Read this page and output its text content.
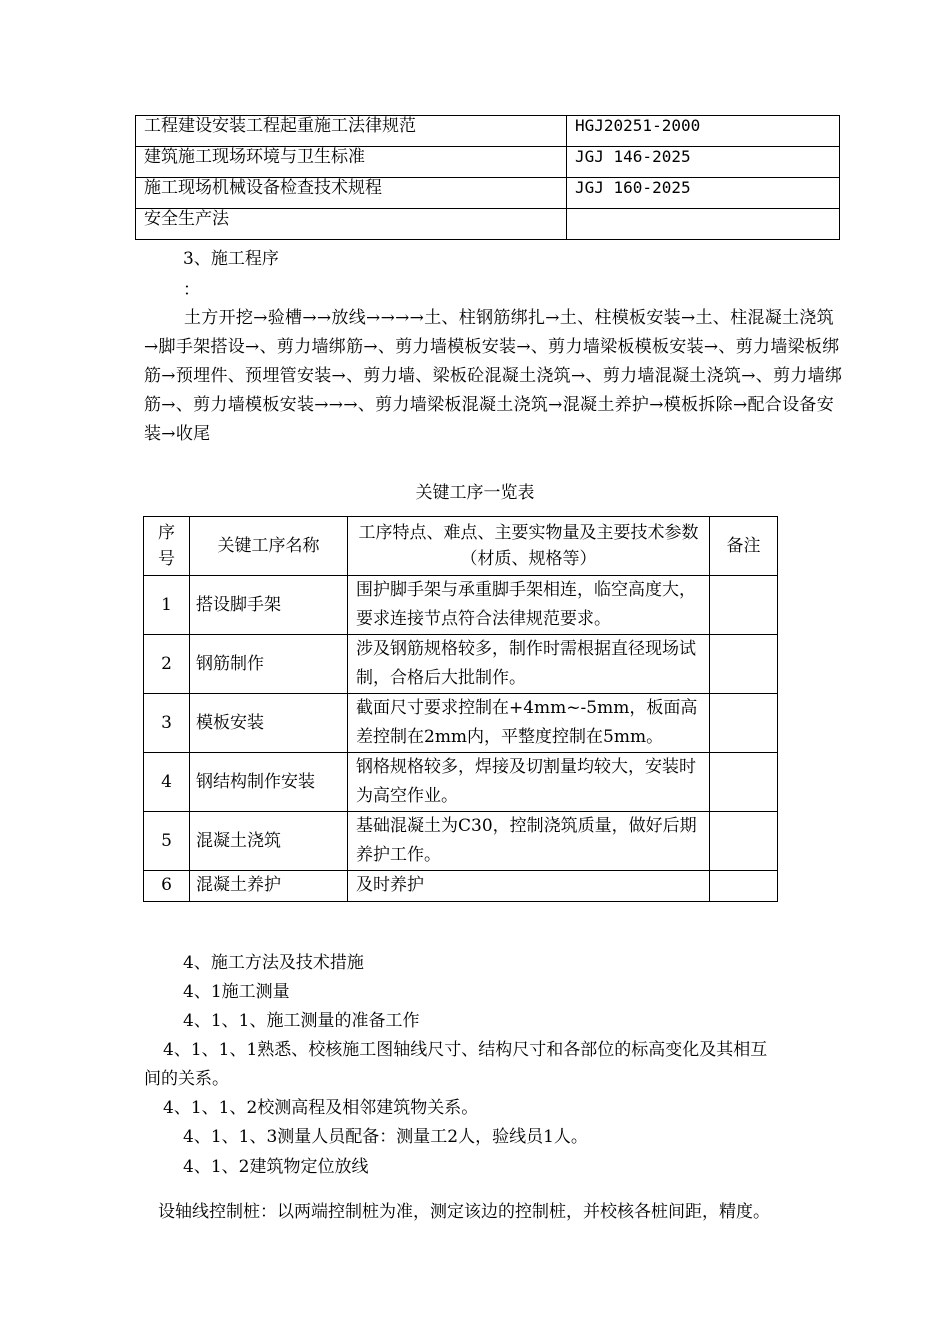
工程建设安装工程起重施工法律规范	HGJ20251-2000
建筑施工现场环境与卫生标准	JGJ 146-2025
施工现场机械设备检查技术规程	JGJ 160-2025
安全生产法	
3、施工程序
：
土方开挖→验槽→→放线→→→→土、柱钢筋绑扎→土、柱模板安装→土、柱混凝土浇筑→脚手架搭设→、剪力墙绑筋→、剪力墙模板安装→、剪力墙梁板模板安装→、剪力墙梁板绑筋→预埋件、预埋管安装→、剪力墙、梁板砼混凝土浇筑→、剪力墙混凝土浇筑→、剪力墙绑筋→、剪力墙模板安装→→→、剪力墙梁板混凝土浇筑→混凝土养护→模板拆除→配合设备安装→收尾
关键工序一览表
序号	关键工序名称	工序特点、难点、主要实物量及主要技术参数（材质、规格等）	备注
1	搭设脚手架	围护脚手架与承重脚手架相连，临空高度大，要求连接节点符合法律规范要求。	
2	钢筋制作	涉及钢筋规格较多，制作时需根据直径现场试制，合格后大批制作。	
3	模板安装	截面尺寸要求控制在+4mm~-5mm，板面高差控制在2mm内，平整度控制在5mm。	
4	钢结构制作安装	钢格规格较多，焊接及切割量均较大，安装时为高空作业。	
5	混凝土浇筑	基础混凝土为C30，控制浇筑质量，做好后期养护工作。	
6	混凝土养护	及时养护	
4、施工方法及技术措施
4、1施工测量
4、1、1、施工测量的准备工作
4、1、1、1熟悉、校核施工图轴线尺寸、结构尺寸和各部位的标高变化及其相互
间的关系。
4、1、1、2校测高程及相邻建筑物关系。
4、1、1、3测量人员配备：测量工2人，验线员1人。
4、1、2建筑物定位放线
设轴线控制桩：以两端控制桩为准，测定该边的控制桩，并校核各桩间距，精度。
